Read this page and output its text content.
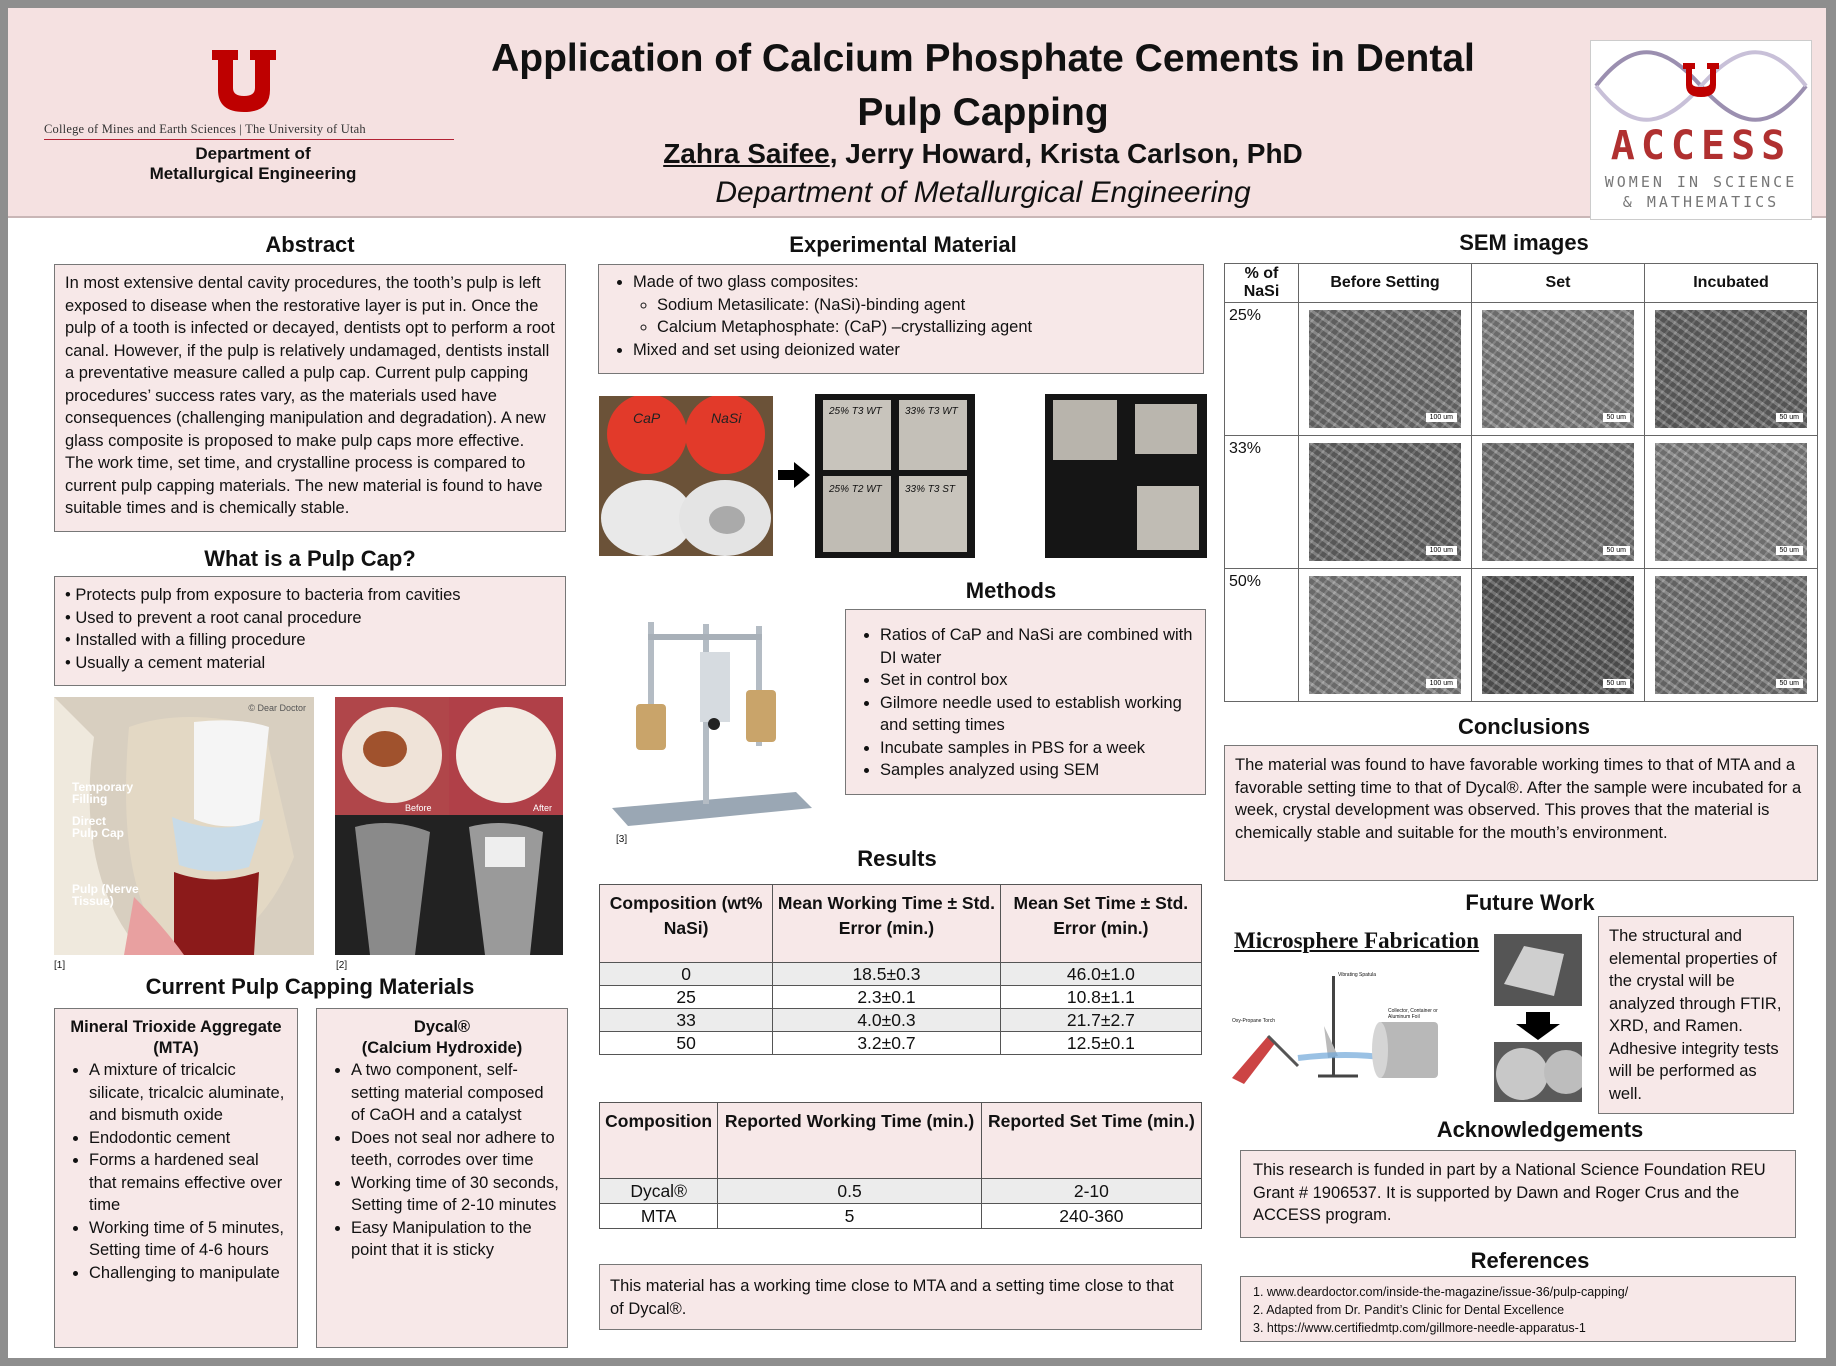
College of Mines and Earth Sciences | The University of Utah
Department of
Metallurgical Engineering
Application of Calcium Phosphate Cements in Dental Pulp Capping
Zahra Saifee, Jerry Howard, Krista Carlson, PhD
Department of Metallurgical Engineering
ACCESS
WOMEN IN SCIENCE
& MATHEMATICS
Abstract

In most extensive dental cavity procedures, the tooth’s pulp is left exposed to disease when the restorative layer is put in. Once the pulp of a tooth is infected or decayed, dentists opt to perform a root canal. However, if the pulp is relatively undamaged, dentists install a preventative measure called a pulp cap. Current pulp capping procedures’ success rates vary, as the materials used have consequences (challenging manipulation and degradation). A new glass composite is proposed to make pulp caps more effective. The work time, set time, and crystalline process is compared to current pulp capping materials. The new material is found to have suitable times and is chemically stable.

What is a Pulp Cap?
• Protects pulp from exposure to bacteria from cavities
• Used to prevent a root canal procedure
• Installed with a filling procedure
• Usually a cement material
© Dear Doctor
Temporary Filling
Direct Pulp Cap
Pulp (Nerve Tissue)
[1]
Before	After
[2]
Current Pulp Capping Materials
Mineral Trioxide Aggregate
(MTA)
• A mixture of tricalcic silicate, tricalcic aluminate, and bismuth oxide
• Endodontic cement
• Forms a hardened seal that remains effective over time
• Working time of 5 minutes, Setting time of 4-6 hours
• Challenging to manipulate
Dycal®
(Calcium Hydroxide)
• A two component, self-setting material composed of CaOH and a catalyst
• Does not seal nor adhere to teeth, corrodes over time
• Working time of 30 seconds, Setting time of 2-10 minutes
• Easy Manipulation to the point that it is sticky
Experimental Material
• Made of two glass composites:
◦ Sodium Metasilicate: (NaSi)-binding agent
◦ Calcium Metaphosphate: (CaP) –crystallizing agent
• Mixed and set using deionized water
CaP	NaSi	25% T3 WT 33% T3 WT
25% T2 WT 33% T3 ST
[3]
Methods
• Ratios of CaP and NaSi are combined with DI water
• Set in control box
• Gilmore needle used to establish working and setting times
• Incubate samples in PBS for a week
• Samples analyzed using SEM
Results
Composition (wt% NaSi)	Mean Working Time ± Std. Error (min.)	Mean Set Time ± Std. Error (min.)
0	18.5±0.3	46.0±1.0
25	2.3±0.1	10.8±1.1
33	4.0±0.3	21.7±2.7
50	3.2±0.7	12.5±0.1
Composition	Reported Working Time (min.)	Reported Set Time (min.)
Dycal®	0.5	2-10
MTA	5	240-360

This material has a working time close to MTA and a setting time close to that of Dycal®.

SEM images
% of NaSi	Before Setting	Set	Incubated
25%	100 um	50 um	50 um

33%	100 um	50 um	50 um

50%	100 um	50 um	50 um
Conclusions

The material was found to have favorable working times to that of MTA and a favorable setting time to that of Dycal®. After the sample were incubated for a week, crystal development was observed. This proves that the material is chemically stable and suitable for the mouth’s environment.

Future Work
Microsphere Fabrication
Oxy-Propane Torch
Vibrating Spatula
Collector, Container or Aluminum Foil

The structural and elemental properties of the crystal will be analyzed through FTIR, XRD, and Ramen. Adhesive integrity tests will be performed as well.

Acknowledgements

This research is funded in part by a National Science Foundation REU Grant # 1906537. It is supported by Dawn and Roger Crus and the ACCESS program.

References
1. www.deardoctor.com/inside-the-magazine/issue-36/pulp-capping/
2. Adapted from Dr. Pandit’s Clinic for Dental Excellence
3. https://www.certifiedmtp.com/gillmore-needle-apparatus-1
